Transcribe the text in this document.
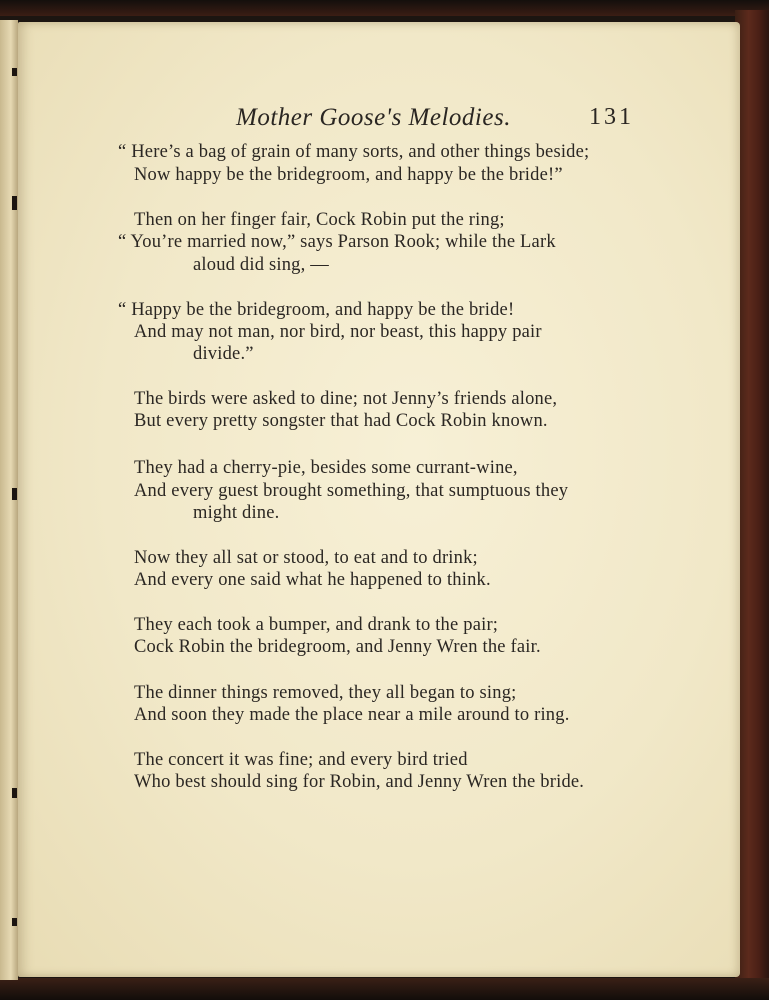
Mother Goose's Melodies.	131
“ Here’s a bag of grain of many sorts, and other things beside;
Now happy be the bridegroom, and happy be the bride!”
Then on her finger fair, Cock Robin put the ring;
“ You’re married now,” says Parson Rook; while the Lark
aloud did sing, —
“ Happy be the bridegroom, and happy be the bride!
And may not man, nor bird, nor beast, this happy pair
divide.”
The birds were asked to dine; not Jenny’s friends alone,
But every pretty songster that had Cock Robin known.
They had a cherry-pie, besides some currant-wine,
And every guest brought something, that sumptuous they
might dine.
Now they all sat or stood, to eat and to drink;
And every one said what he happened to think.
They each took a bumper, and drank to the pair;
Cock Robin the bridegroom, and Jenny Wren the fair.
The dinner things removed, they all began to sing;
And soon they made the place near a mile around to ring.
The concert it was fine; and every bird tried
Who best should sing for Robin, and Jenny Wren the bride.
